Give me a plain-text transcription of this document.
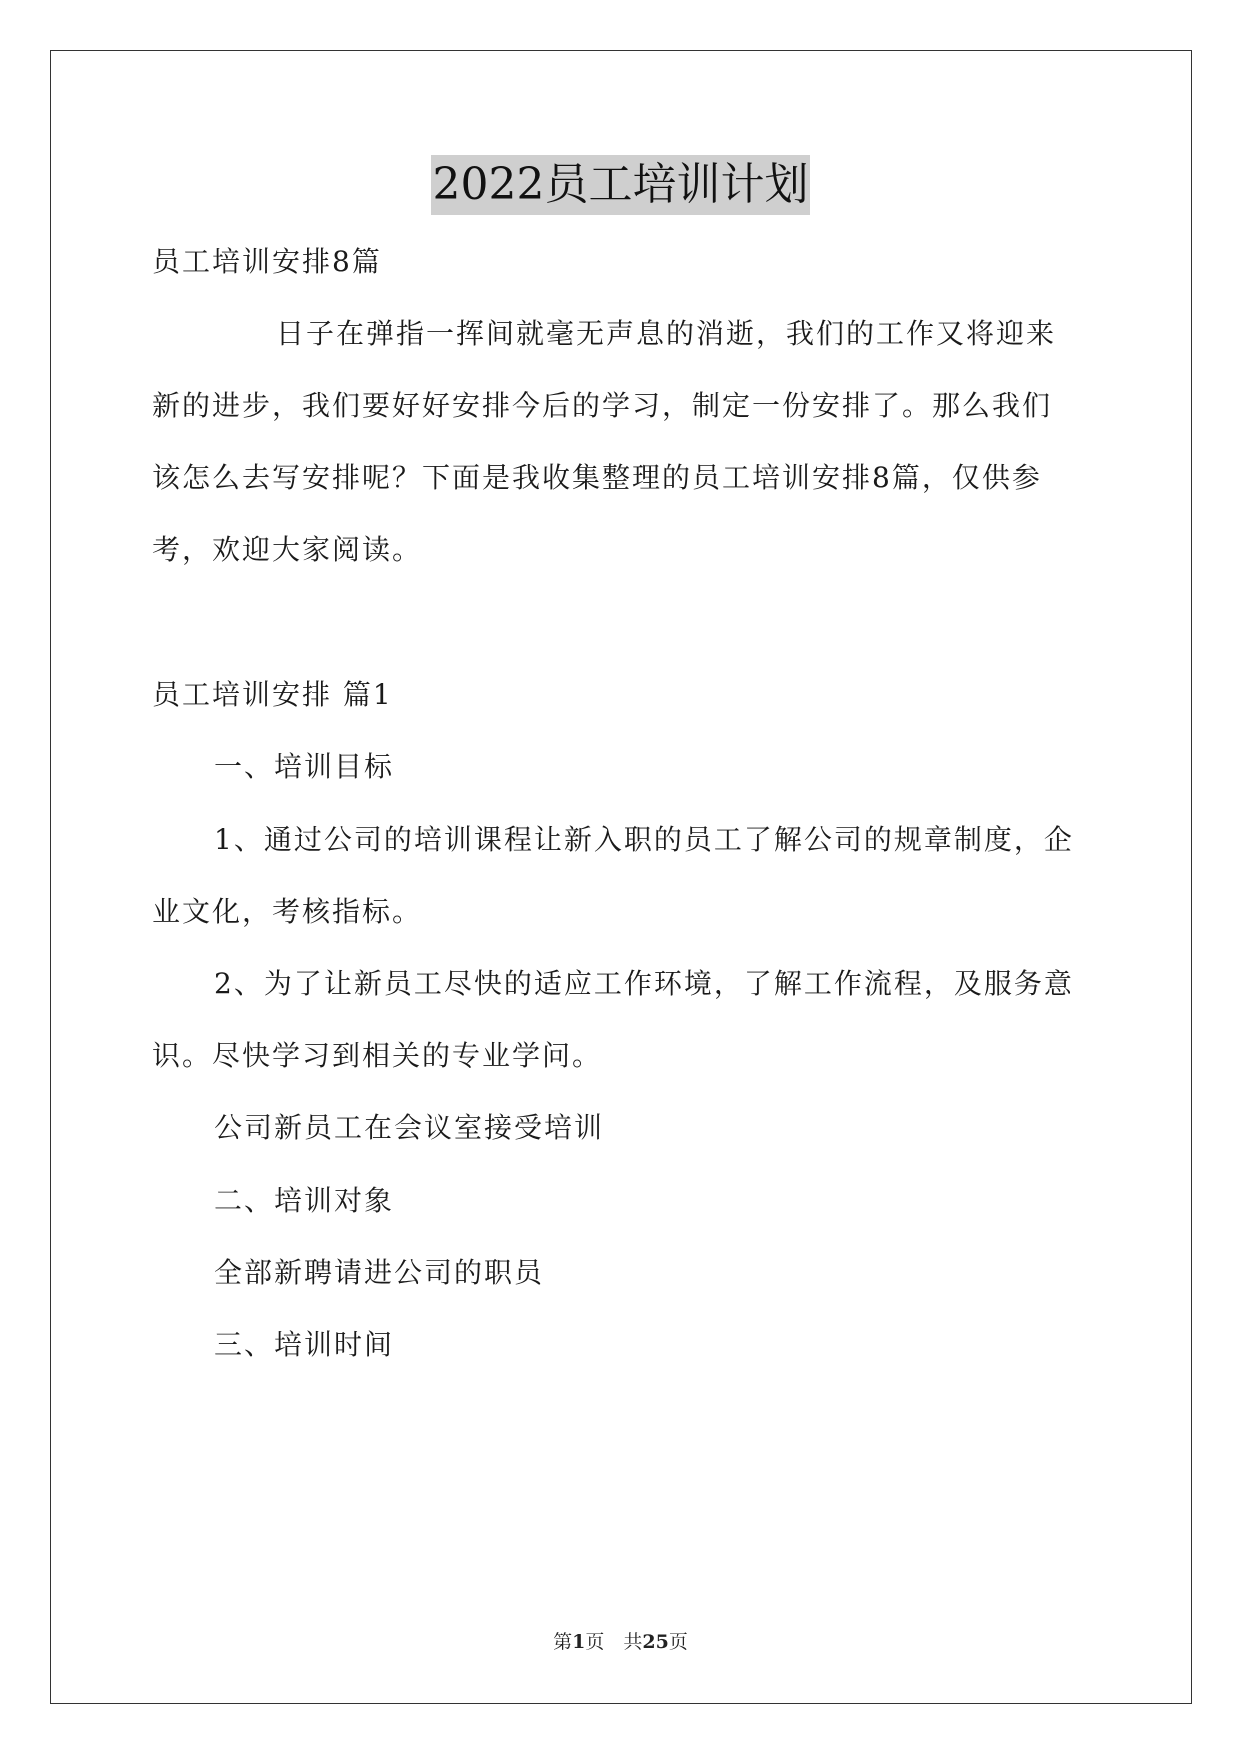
2022员工培训计划
员工培训安排8篇
日子在弹指一挥间就毫无声息的消逝，我们的工作又将迎来
新的进步，我们要好好安排今后的学习，制定一份安排了。那么我们
该怎么去写安排呢？下面是我收集整理的员工培训安排8篇，仅供参
考，欢迎大家阅读。
员工培训安排 篇1
一、培训目标
1、通过公司的培训课程让新入职的员工了解公司的规章制度，企
业文化，考核指标。
2、为了让新员工尽快的适应工作环境，了解工作流程，及服务意
识。尽快学习到相关的专业学问。
公司新员工在会议室接受培训
二、培训对象
全部新聘请进公司的职员
三、培训时间
第1页　共25页
